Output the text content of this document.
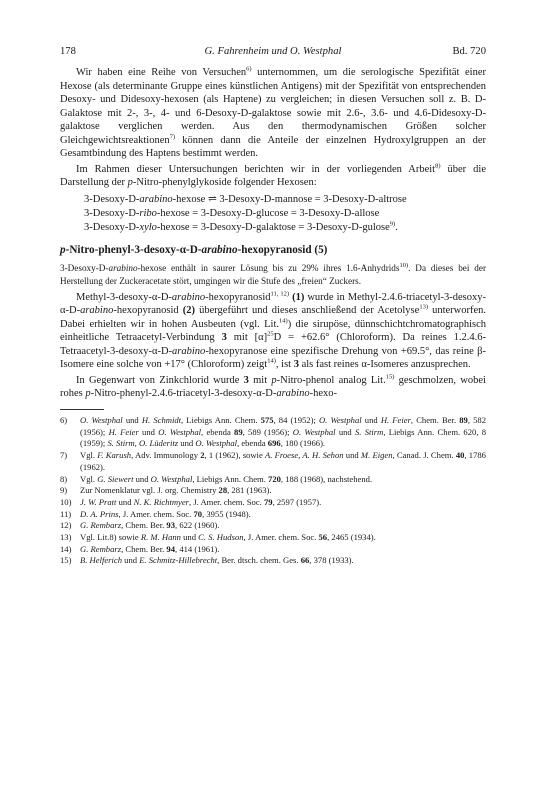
178	G. Fahrenheim und O. Westphal	Bd. 720

Wir haben eine Reihe von Versuchen$^{6)}$ unternommen, um die serologische Spezifität einer Hexose (als determinante Gruppe eines künstlichen Antigens) mit der Spezifität von entsprechenden Desoxy- und Didesoxy-hexosen (als Haptene) zu vergleichen; in diesen Versuchen soll z. B. D-Galaktose mit 2-, 3-, 4- und 6-Desoxy-D-galaktose sowie mit 2.6-, 3.6- und 4.6-Didesoxy-D-galaktose verglichen werden. Aus den thermodynamischen Größen solcher Gleichgewichtsreaktionen$^{7)}$ können dann die Anteile der einzelnen Hydroxylgruppen an der Gesamtbindung des Haptens bestimmt werden.

Im Rahmen dieser Untersuchungen berichten wir in der vorliegenden Arbeit$^{8)}$ über die Darstellung der p-Nitro-phenylglykoside folgender Hexosen:

3-Desoxy-D-arabino-hexose ⇌ 3-Desoxy-D-mannose = 3-Desoxy-D-altrose
3-Desoxy-D-ribo-hexose = 3-Desoxy-D-glucose = 3-Desoxy-D-allose
3-Desoxy-D-xylo-hexose = 3-Desoxy-D-galaktose = 3-Desoxy-D-gulose$^{9)}$.
p-Nitro-phenyl-3-desoxy-α-D-arabino-hexopyranosid (5)

3-Desoxy-D-arabino-hexose enthält in saurer Lösung bis zu 29% ihres 1.6-Anhydrids$^{10)}$. Da dieses bei der Herstellung der Zuckeracetate stört, umgingen wir die Stufe des „freien“ Zuckers.

Methyl-3-desoxy-α-D-arabino-hexopyranosid$^{11, 12)}$ (1) wurde in Methyl-2.4.6-triacetyl-3-desoxy-α-D-arabino-hexopyranosid (2) übergeführt und dieses anschließend der Acetolyse$^{13)}$ unterworfen. Dabei erhielten wir in hohen Ausbeuten (vgl. Lit.$^{14)}$) die sirupöse, dünnschichtchromatographisch einheitliche Tetraacetyl-Verbindung 3 mit $[\alpha]^{25}D = +62.6^\circ$ (Chloroform). Da reines 1.2.4.6-Tetraacetyl-3-desoxy-α-D-arabino-hexopyranose eine spezifische Drehung von +69.5°, das reine β-Isomere eine solche von +17° (Chloroform) zeigt$^{14)}$, ist 3 als fast reines α-Isomeres anzusprechen.

In Gegenwart von Zinkchlorid wurde 3 mit p-Nitro-phenol analog Lit.$^{15)}$ geschmolzen, wobei rohes p-Nitro-phenyl-2.4.6-triacetyl-3-desoxy-α-D-arabino-hexo-

6) O. Westphal und H. Schmidt, Liebigs Ann. Chem. 575, 84 (1952); O. Westphal und H. Feier, Chem. Ber. 89, 582 (1956); H. Feier und O. Westphal, ebenda 89, 589 (1956); O. Westphal und S. Stirm, Liebigs Ann. Chem. 620, 8 (1959); S. Stirm, O. Lüderitz und O. Westphal, ebenda 696, 180 (1966).

7) Vgl. F. Karush, Adv. Immunology 2, 1 (1962), sowie A. Froese, A. H. Sehon und M. Eigen, Canad. J. Chem. 40, 1786 (1962).

8) Vgl. G. Siewert und O. Westphal, Liebigs Ann. Chem. 720, 188 (1968), nachstehend.

9) Zur Nomenklatur vgl. J. org. Chemistry 28, 281 (1963).

10) J. W. Pratt und N. K. Richtmyer, J. Amer. chem. Soc. 79, 2597 (1957).

11) D. A. Prins, J. Amer. chem. Soc. 70, 3955 (1948).

12) G. Rembarz, Chem. Ber. 93, 622 (1960).

13) Vgl. Lit.8) sowie R. M. Hann und C. S. Hudson, J. Amer. chem. Soc. 56, 2465 (1934).

14) G. Rembarz, Chem. Ber. 94, 414 (1961).

15) B. Helferich und E. Schmitz-Hillebrecht, Ber. dtsch. chem. Ges. 66, 378 (1933).
